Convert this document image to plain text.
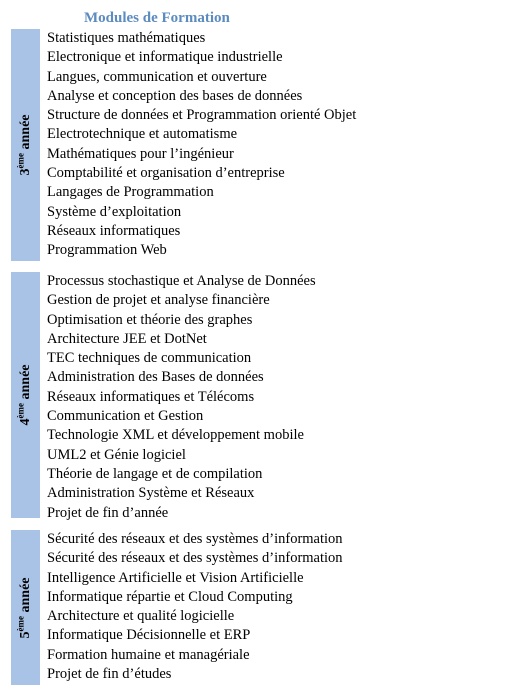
Modules de Formation
3ème année
Statistiques mathématiques
Electronique et informatique industrielle
Langues, communication et ouverture
Analyse et conception des bases de données
Structure de données et Programmation orienté Objet
Electrotechnique et automatisme
Mathématiques pour l’ingénieur
Comptabilité et organisation d’entreprise
Langages de Programmation
Système d’exploitation
Réseaux informatiques
Programmation Web
4ème année
Processus stochastique et Analyse de Données
Gestion de projet et analyse financière
Optimisation et théorie des graphes
Architecture JEE et DotNet
TEC techniques de communication
Administration des Bases de données
Réseaux informatiques et Télécoms
Communication et Gestion
Technologie XML et développement mobile
UML2 et Génie logiciel
Théorie de langage et de compilation
Administration Système et Réseaux
Projet de fin d’année
5ème année
Sécurité des réseaux et des systèmes d’information
Sécurité des réseaux et des systèmes d’information
Intelligence Artificielle et Vision Artificielle
Informatique répartie et Cloud Computing
Architecture et qualité logicielle
Informatique Décisionnelle et ERP
Formation humaine et managériale
Projet de fin d’études
